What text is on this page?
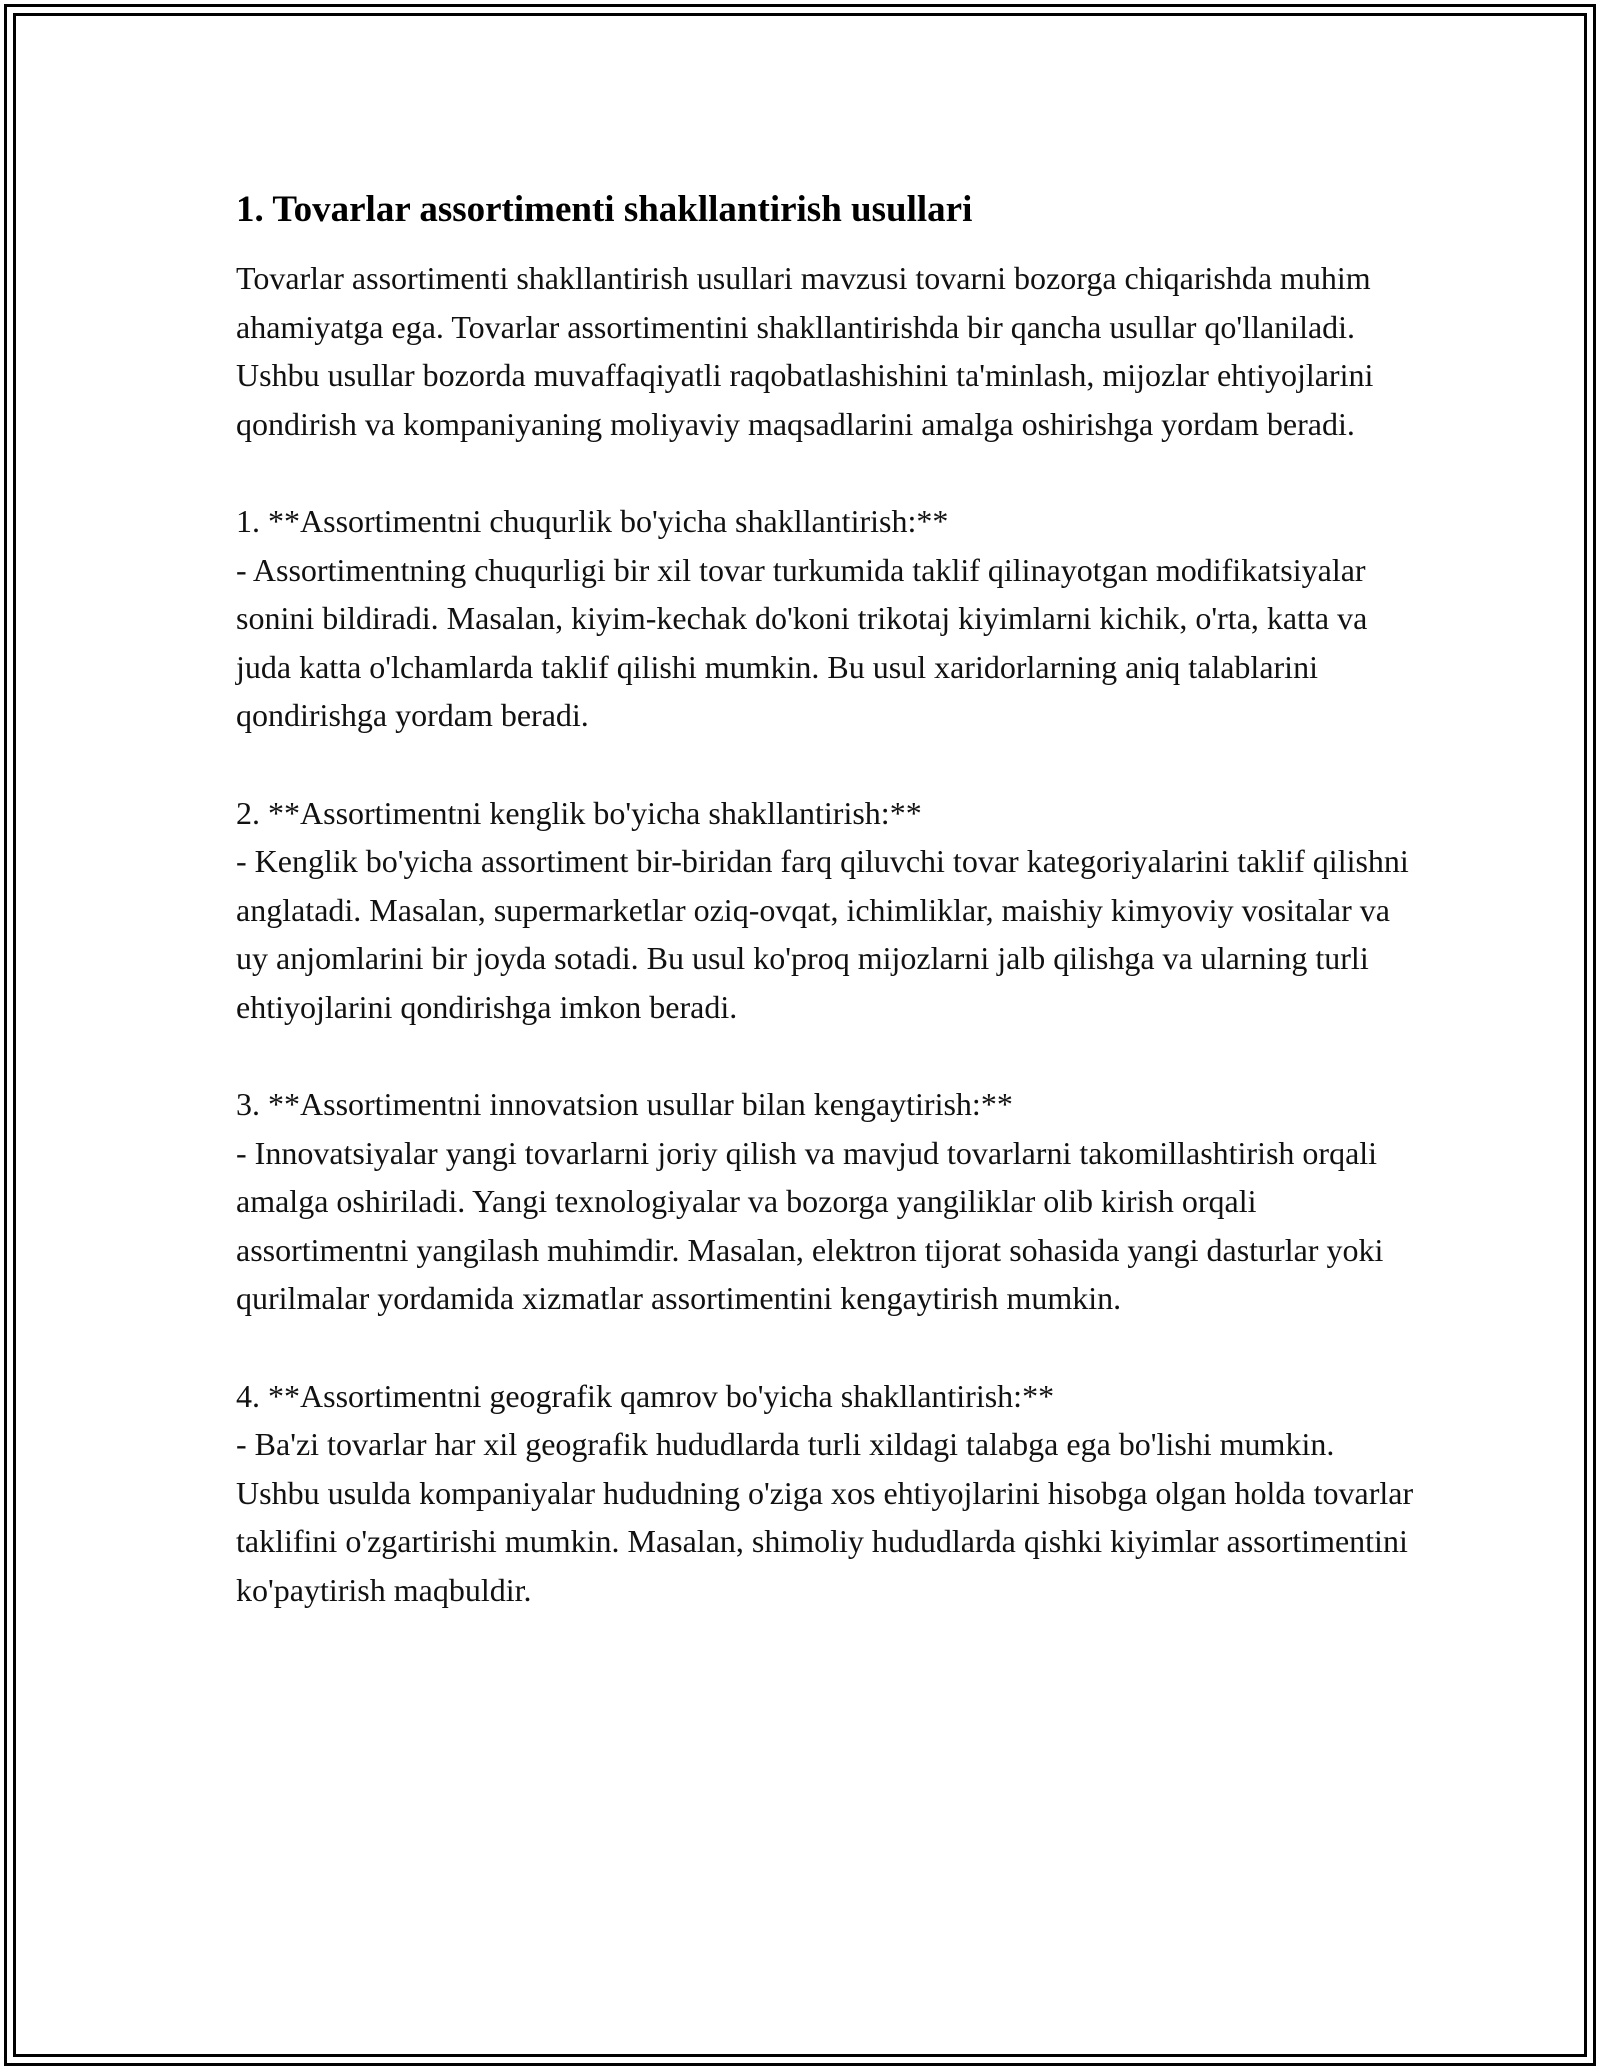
1. Tovarlar assortimenti shakllantirish usullari

Tovarlar assortimenti shakllantirish usullari mavzusi tovarni bozorga chiqarishda muhim ahamiyatga ega. Tovarlar assortimentini shakllantirishda bir qancha usullar qo'llaniladi. Ushbu usullar bozorda muvaffaqiyatli raqobatlashishini ta'minlash, mijozlar ehtiyojlarini qondirish va kompaniyaning moliyaviy maqsadlarini amalga oshirishga yordam beradi.

1. **Assortimentni chuqurlik bo'yicha shakllantirish:**
- Assortimentning chuqurligi bir xil tovar turkumida taklif qilinayotgan modifikatsiyalar sonini bildiradi. Masalan, kiyim-kechak do'koni trikotaj kiyimlarni kichik, o'rta, katta va juda katta o'lchamlarda taklif qilishi mumkin. Bu usul xaridorlarning aniq talablarini qondirishga yordam beradi.
2. **Assortimentni kenglik bo'yicha shakllantirish:**
- Kenglik bo'yicha assortiment bir-biridan farq qiluvchi tovar kategoriyalarini taklif qilishni anglatadi. Masalan, supermarketlar oziq-ovqat, ichimliklar, maishiy kimyoviy vositalar va uy anjomlarini bir joyda sotadi. Bu usul ko'proq mijozlarni jalb qilishga va ularning turli ehtiyojlarini qondirishga imkon beradi.
3. **Assortimentni innovatsion usullar bilan kengaytirish:**
- Innovatsiyalar yangi tovarlarni joriy qilish va mavjud tovarlarni takomillashtirish orqali amalga oshiriladi. Yangi texnologiyalar va bozorga yangiliklar olib kirish orqali assortimentni yangilash muhimdir. Masalan, elektron tijorat sohasida yangi dasturlar yoki qurilmalar yordamida xizmatlar assortimentini kengaytirish mumkin.
4. **Assortimentni geografik qamrov bo'yicha shakllantirish:**
- Ba'zi tovarlar har xil geografik hududlarda turli xildagi talabga ega bo'lishi mumkin. Ushbu usulda kompaniyalar hududning o'ziga xos ehtiyojlarini hisobga olgan holda tovarlar taklifini o'zgartirishi mumkin. Masalan, shimoliy hududlarda qishki kiyimlar assortimentini ko'paytirish maqbuldir.
